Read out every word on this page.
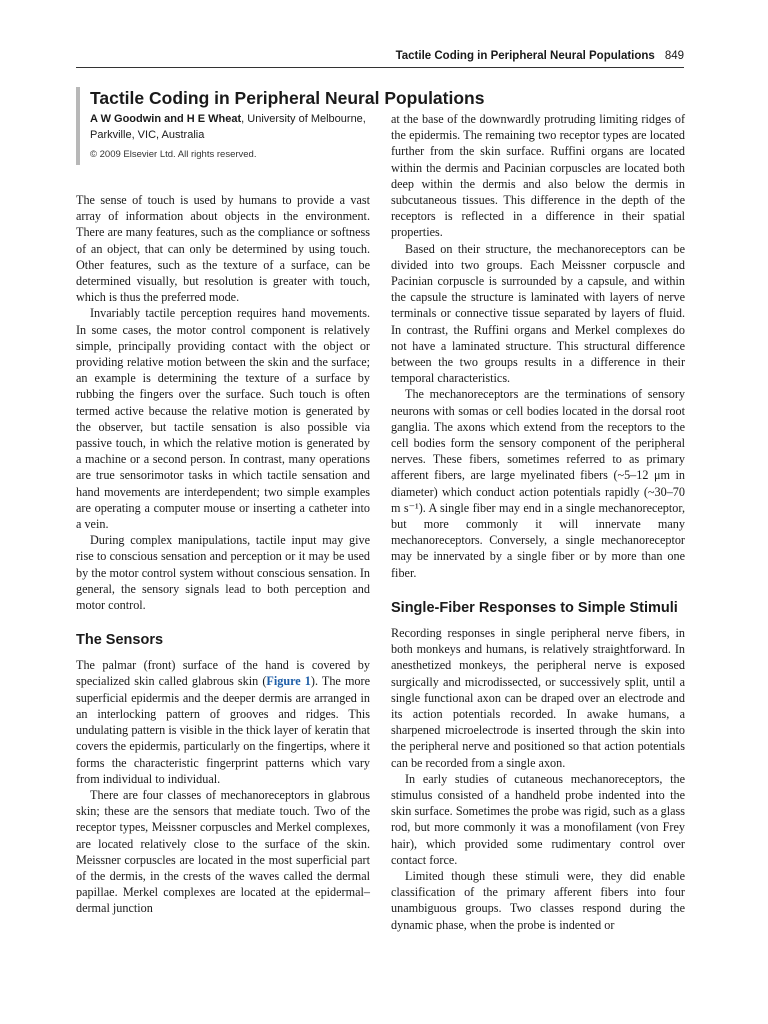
Tactile Coding in Peripheral Neural Populations 849
Tactile Coding in Peripheral Neural Populations
A W Goodwin and H E Wheat, University of Melbourne, Parkville, VIC, Australia
© 2009 Elsevier Ltd. All rights reserved.

The sense of touch is used by humans to provide a vast array of information about objects in the environment. There are many features, such as the compliance or softness of an object, that can only be determined by using touch. Other features, such as the texture of a surface, can be determined visually, but resolution is greater with touch, which is thus the preferred mode.

Invariably tactile perception requires hand movements. In some cases, the motor control component is relatively simple, principally providing contact with the object or providing relative motion between the skin and the surface; an example is determining the texture of a surface by rubbing the fingers over the surface. Such touch is often termed active because the relative motion is generated by the observer, but tactile sensation is also possible via passive touch, in which the relative motion is generated by a machine or a second person. In contrast, many operations are true sensorimotor tasks in which tactile sensation and hand movements are interdependent; two simple examples are operating a computer mouse or inserting a catheter into a vein.

During complex manipulations, tactile input may give rise to conscious sensation and perception or it may be used by the motor control system without conscious sensation. In general, the sensory signals lead to both perception and motor control.

The Sensors

The palmar (front) surface of the hand is covered by specialized skin called glabrous skin (Figure 1). The more superficial epidermis and the deeper dermis are arranged in an interlocking pattern of grooves and ridges. This undulating pattern is visible in the thick layer of keratin that covers the epidermis, particularly on the fingertips, where it forms the characteristic fingerprint patterns which vary from individual to individual.

There are four classes of mechanoreceptors in glabrous skin; these are the sensors that mediate touch. Two of the receptor types, Meissner corpuscles and Merkel complexes, are located relatively close to the surface of the skin. Meissner corpuscles are located in the most superficial part of the dermis, in the crests of the waves called the dermal papillae. Merkel complexes are located at the epidermal–dermal junction

at the base of the downwardly protruding limiting ridges of the epidermis. The remaining two receptor types are located further from the skin surface. Ruffini organs are located within the dermis and Pacinian corpuscles are located both deep within the dermis and also below the dermis in subcutaneous tissues. This difference in the depth of the receptors is reflected in a difference in their spatial properties.

Based on their structure, the mechanoreceptors can be divided into two groups. Each Meissner corpuscle and Pacinian corpuscle is surrounded by a capsule, and within the capsule the structure is laminated with layers of nerve terminals or connective tissue separated by layers of fluid. In contrast, the Ruffini organs and Merkel complexes do not have a laminated structure. This structural difference between the two groups results in a difference in their temporal characteristics.

The mechanoreceptors are the terminations of sensory neurons with somas or cell bodies located in the dorsal root ganglia. The axons which extend from the receptors to the cell bodies form the sensory component of the peripheral nerves. These fibers, sometimes referred to as primary afferent fibers, are large myelinated fibers (~5–12 μm in diameter) which conduct action potentials rapidly (~30–70 m s⁻¹). A single fiber may end in a single mechanoreceptor, but more commonly it will innervate many mechanoreceptors. Conversely, a single mechanoreceptor may be innervated by a single fiber or by more than one fiber.

Single-Fiber Responses to Simple Stimuli

Recording responses in single peripheral nerve fibers, in both monkeys and humans, is relatively straightforward. In anesthetized monkeys, the peripheral nerve is exposed surgically and microdissected, or successively split, until a single functional axon can be draped over an electrode and its action potentials recorded. In awake humans, a sharpened microelectrode is inserted through the skin into the peripheral nerve and positioned so that action potentials can be recorded from a single axon.

In early studies of cutaneous mechanoreceptors, the stimulus consisted of a handheld probe indented into the skin surface. Sometimes the probe was rigid, such as a glass rod, but more commonly it was a monofilament (von Frey hair), which provided some rudimentary control over contact force.

Limited though these stimuli were, they did enable classification of the primary afferent fibers into four unambiguous groups. Two classes respond during the dynamic phase, when the probe is indented or
